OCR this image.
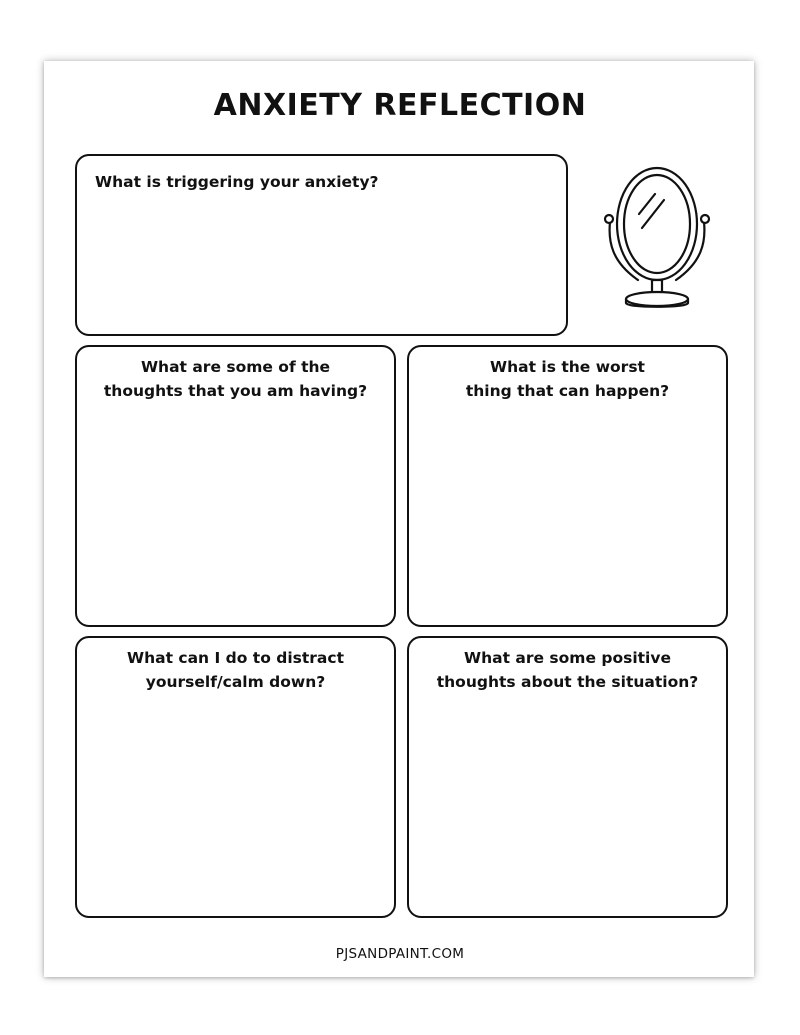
ANXIETY REFLECTION

What is triggering your anxiety?

What are some of the
thoughts that you am having?

What is the worst
thing that can happen?

What can I do to distract
yourself/calm down?

What are some positive
thoughts about the situation?

PJSANDPAINT.COM
